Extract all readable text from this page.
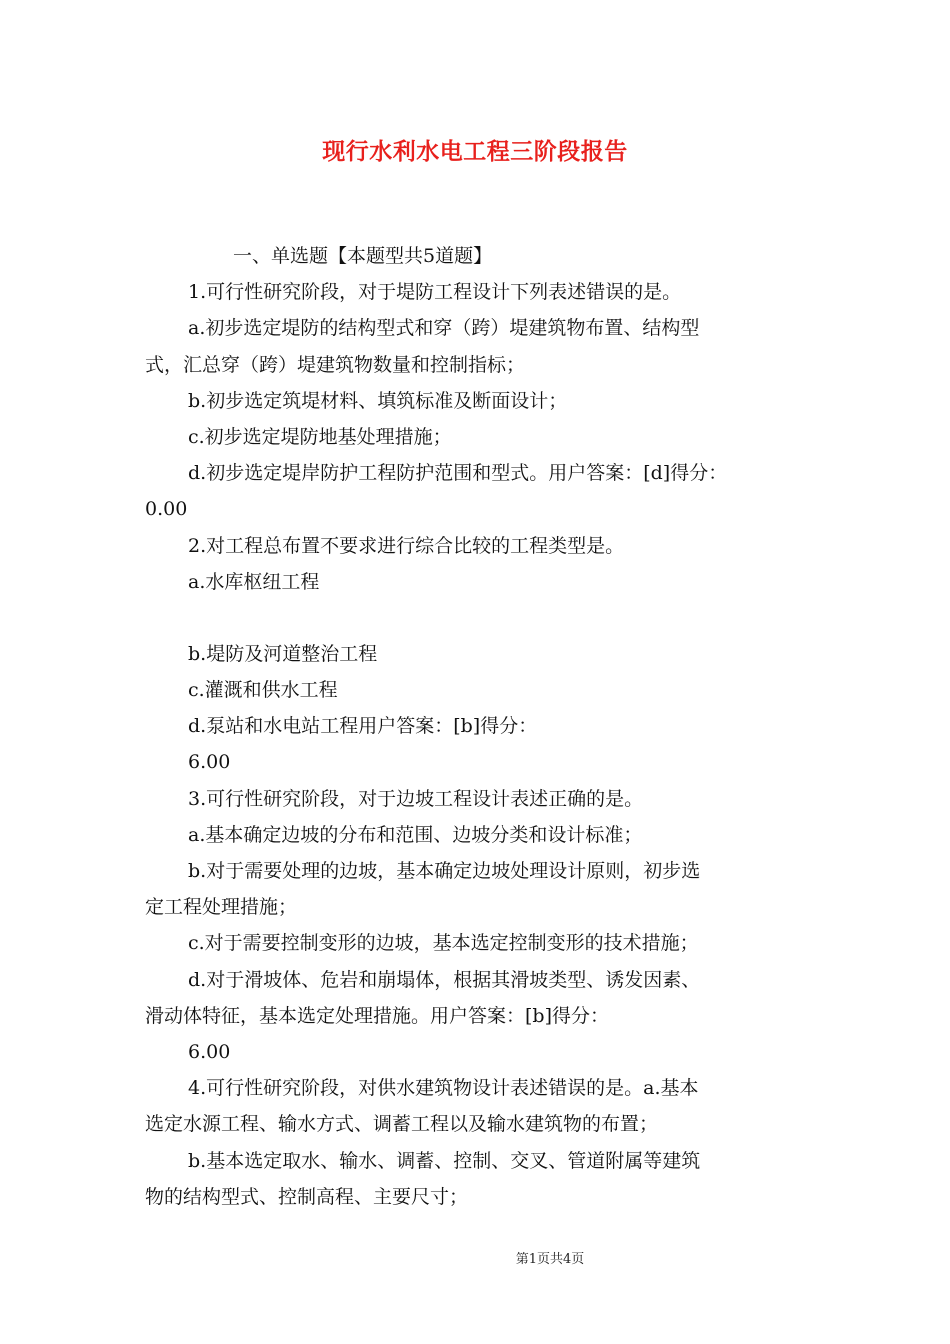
现行水利水电工程三阶段报告
一、单选题【本题型共5道题】
1.可行性研究阶段，对于堤防工程设计下列表述错误的是。
a.初步选定堤防的结构型式和穿（跨）堤建筑物布置、结构型
式，汇总穿（跨）堤建筑物数量和控制指标；
b.初步选定筑堤材料、填筑标准及断面设计；
c.初步选定堤防地基处理措施；
d.初步选定堤岸防护工程防护范围和型式。用户答案：[d]得分：
0.00
2.对工程总布置不要求进行综合比较的工程类型是。
a.水库枢纽工程
b.堤防及河道整治工程
c.灌溉和供水工程
d.泵站和水电站工程用户答案：[b]得分：
6.00
3.可行性研究阶段，对于边坡工程设计表述正确的是。
a.基本确定边坡的分布和范围、边坡分类和设计标准；
b.对于需要处理的边坡，基本确定边坡处理设计原则，初步选
定工程处理措施；
c.对于需要控制变形的边坡，基本选定控制变形的技术措施；
d.对于滑坡体、危岩和崩塌体，根据其滑坡类型、诱发因素、
滑动体特征，基本选定处理措施。用户答案：[b]得分：
6.00
4.可行性研究阶段，对供水建筑物设计表述错误的是。a.基本
选定水源工程、输水方式、调蓄工程以及输水建筑物的布置；
b.基本选定取水、输水、调蓄、控制、交叉、管道附属等建筑
物的结构型式、控制高程、主要尺寸；
第1页共4页
